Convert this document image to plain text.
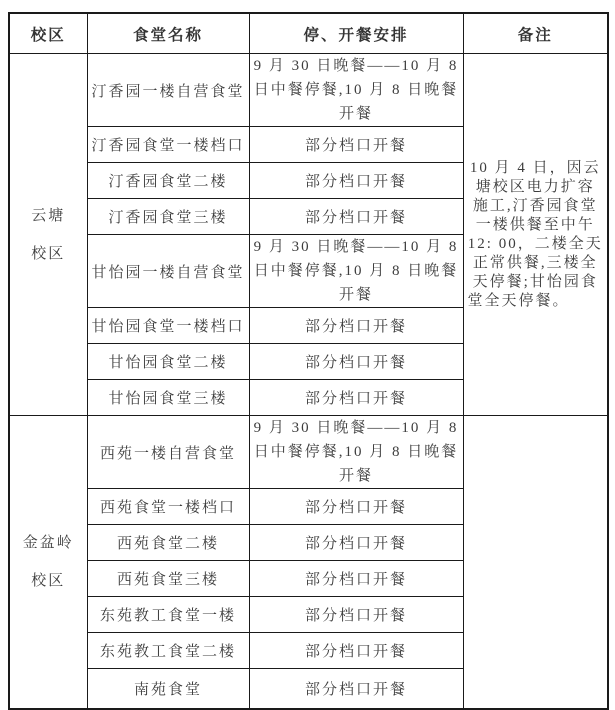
校区	食堂名称	停、开餐安排	备注
云塘
校区	汀香园一楼自营食堂	9 月 30 日晚餐——10 月 8 日中餐停餐,10 月 8 日晚餐开餐	10 月 4 日，因云塘校区电力扩容施工,汀香园食堂一楼供餐至中午 12: 00，二楼全天正常供餐,三楼全天停餐;甘怡园食堂全天停餐。
	汀香园食堂一楼档口	部分档口开餐	
	汀香园食堂二楼	部分档口开餐	
	汀香园食堂三楼	部分档口开餐	
	甘怡园一楼自营食堂	9 月 30 日晚餐——10 月 8 日中餐停餐,10 月 8 日晚餐开餐	
	甘怡园食堂一楼档口	部分档口开餐	
	甘怡园食堂二楼	部分档口开餐	
	甘怡园食堂三楼	部分档口开餐	
金盆岭
校区	西苑一楼自营食堂	9 月 30 日晚餐——10 月 8 日中餐停餐,10 月 8 日晚餐开餐	
	西苑食堂一楼档口	部分档口开餐	
	西苑食堂二楼	部分档口开餐	
	西苑食堂三楼	部分档口开餐	
	东苑教工食堂一楼	部分档口开餐	
	东苑教工食堂二楼	部分档口开餐	
	南苑食堂	部分档口开餐	
